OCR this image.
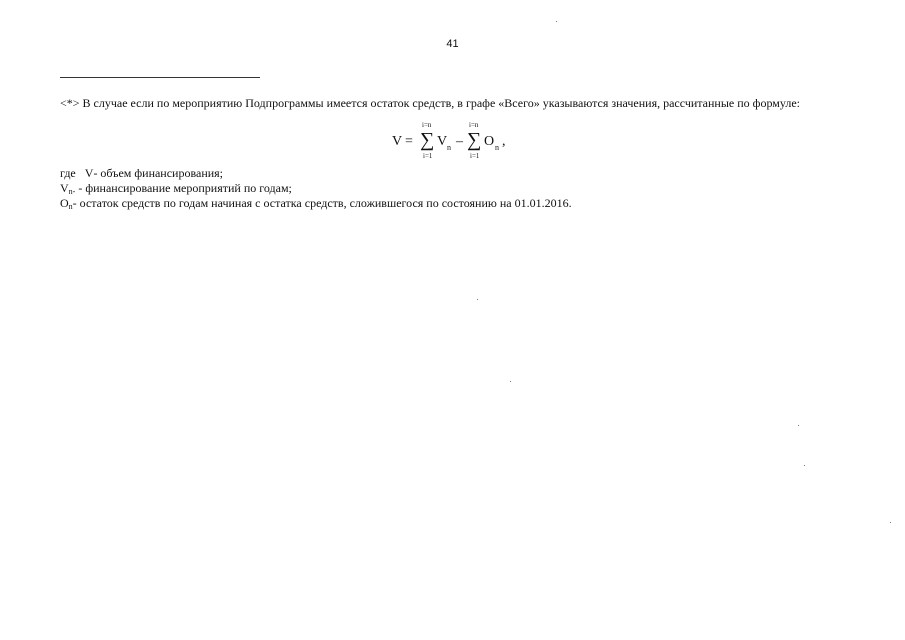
41
<*> В случае если по мероприятию Подпрограммы имеется остаток средств, в графе «Всего» указываются значения, рассчитанные по формуле:
V =
i=n
∑
i=1
V n –
i=n
∑
i=1
O n ,
где   V- объем финансирования;
$V_{n-}$ - финансирование мероприятий по годам;
$O_n-$ остаток средств по годам начиная с остатка средств, сложившегося по состоянию на 01.01.2016.
